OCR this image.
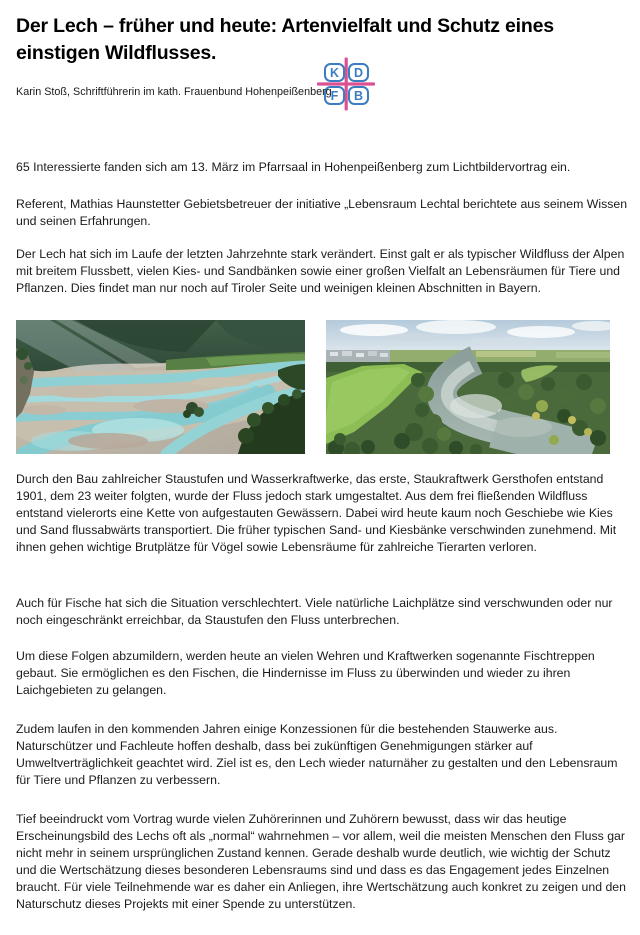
Der Lech – früher und heute: Artenvielfalt und Schutz eines einstigen Wildflusses.
K D
F B
Karin Stoß, Schriftführerin im kath. Frauenbund Hohenpeißenberg

65 Interessierte fanden sich am 13. März im Pfarrsaal in Hohenpeißenberg zum Lichtbildervortrag ein.

Referent, Mathias Haunstetter Gebietsbetreuer der initiative „Lebensraum Lechtal berichtete aus seinem Wissen und seinen Erfahrungen.

Der Lech hat sich im Laufe der letzten Jahrzehnte stark verändert. Einst galt er als typischer Wildfluss der Alpen mit breitem Flussbett, vielen Kies- und Sandbänken sowie einer großen Vielfalt an Lebensräumen für Tiere und Pflanzen. Dies findet man nur noch auf Tiroler Seite und weinigen kleinen Abschnitten in Bayern.

Durch den Bau zahlreicher Staustufen und Wasserkraftwerke, das erste, Staukraftwerk Gersthofen entstand 1901, dem 23 weiter folgten, wurde der Fluss jedoch stark umgestaltet. Aus dem frei fließenden Wildfluss entstand vielerorts eine Kette von aufgestauten Gewässern. Dabei wird heute kaum noch Geschiebe wie Kies und Sand flussabwärts transportiert. Die früher typischen Sand- und Kiesbänke verschwinden zunehmend. Mit ihnen gehen wichtige Brutplätze für Vögel sowie Lebensräume für zahlreiche Tierarten verloren.

Auch für Fische hat sich die Situation verschlechtert. Viele natürliche Laichplätze sind verschwunden oder nur noch eingeschränkt erreichbar, da Staustufen den Fluss unterbrechen.

Um diese Folgen abzumildern, werden heute an vielen Wehren und Kraftwerken sogenannte Fischtreppen gebaut. Sie ermöglichen es den Fischen, die Hindernisse im Fluss zu überwinden und wieder zu ihren Laichgebieten zu gelangen.

Zudem laufen in den kommenden Jahren einige Konzessionen für die bestehenden Stauwerke aus. Naturschützer und Fachleute hoffen deshalb, dass bei zukünftigen Genehmigungen stärker auf Umweltverträglichkeit geachtet wird. Ziel ist es, den Lech wieder naturnäher zu gestalten und den Lebensraum für Tiere und Pflanzen zu verbessern.

Tief beeindruckt vom Vortrag wurde vielen Zuhörerinnen und Zuhörern bewusst, dass wir das heutige Erscheinungsbild des Lechs oft als „normal“ wahrnehmen – vor allem, weil die meisten Menschen den Fluss gar nicht mehr in seinem ursprünglichen Zustand kennen. Gerade deshalb wurde deutlich, wie wichtig der Schutz und die Wertschätzung dieses besonderen Lebensraums sind und dass es das Engagement jedes Einzelnen braucht. Für viele Teilnehmende war es daher ein Anliegen, ihre Wertschätzung auch konkret zu zeigen und den Naturschutz dieses Projekts mit einer Spende zu unterstützen.
